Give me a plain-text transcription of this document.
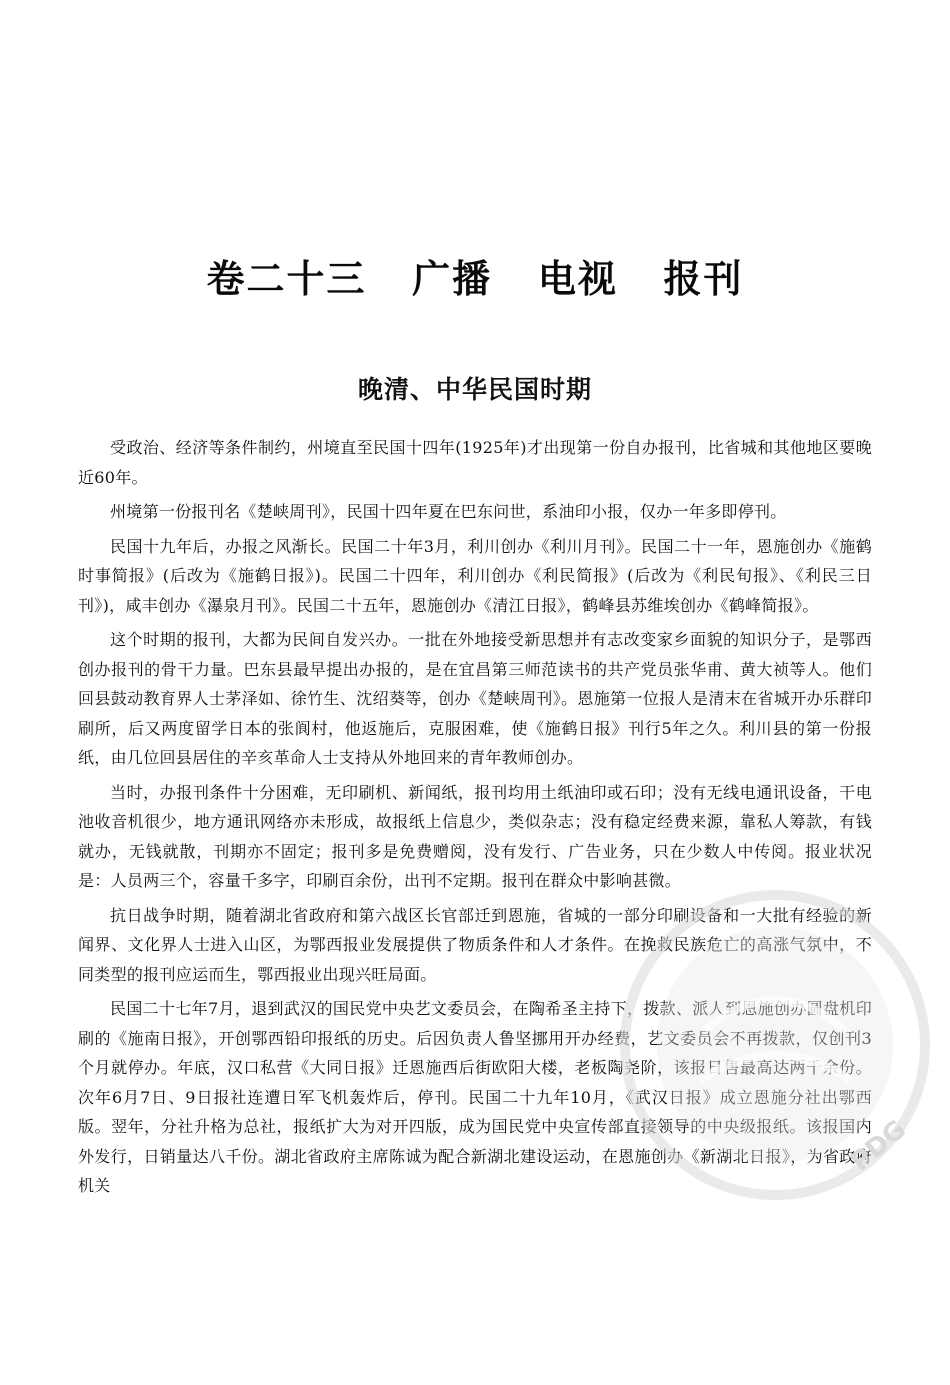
卷二十三   广播   电视   报刊
晚清、中华民国时期

受政治、经济等条件制约，州境直至民国十四年(1925年)才出现第一份自办报刊，比省城和其他地区要晚近60年。

州境第一份报刊名《楚峡周刊》，民国十四年夏在巴东问世，系油印小报，仅办一年多即停刊。

民国十九年后，办报之风渐长。民国二十年3月，利川创办《利川月刊》。民国二十一年，恩施创办《施鹤时事简报》(后改为《施鹤日报》)。民国二十四年，利川创办《利民简报》(后改为《利民旬报》、《利民三日刊》)，咸丰创办《瀑泉月刊》。民国二十五年，恩施创办《清江日报》，鹤峰县苏维埃创办《鹤峰简报》。

这个时期的报刊，大都为民间自发兴办。一批在外地接受新思想并有志改变家乡面貌的知识分子，是鄂西创办报刊的骨干力量。巴东县最早提出办报的，是在宜昌第三师范读书的共产党员张华甫、黄大祯等人。他们回县鼓动教育界人士茅泽如、徐竹生、沈绍葵等，创办《楚峡周刊》。恩施第一位报人是清末在省城开办乐群印刷所，后又两度留学日本的张阆村，他返施后，克服困难，使《施鹤日报》刊行5年之久。利川县的第一份报纸，由几位回县居住的辛亥革命人士支持从外地回来的青年教师创办。

当时，办报刊条件十分困难，无印刷机、新闻纸，报刊均用土纸油印或石印；没有无线电通讯设备，干电池收音机很少，地方通讯网络亦未形成，故报纸上信息少，类似杂志；没有稳定经费来源，靠私人筹款，有钱就办，无钱就散，刊期亦不固定；报刊多是免费赠阅，没有发行、广告业务，只在少数人中传阅。报业状况是：人员两三个，容量千多字，印刷百余份，出刊不定期。报刊在群众中影响甚微。

抗日战争时期，随着湖北省政府和第六战区长官部迁到恩施，省城的一部分印刷设备和一大批有经验的新闻界、文化界人士进入山区，为鄂西报业发展提供了物质条件和人才条件。在挽救民族危亡的高涨气氛中，不同类型的报刊应运而生，鄂西报业出现兴旺局面。

民国二十七年7月，退到武汉的国民党中央艺文委员会，在陶希圣主持下，拨款、派人到恩施创办圆盘机印刷的《施南日报》，开创鄂西铅印报纸的历史。后因负责人鲁坚挪用开办经费，艺文委员会不再拨款，仅创刊3个月就停办。年底，汉口私营《大同日报》迁恩施西后街欧阳大楼，老板陶尧阶，该报日售最高达两千余份。次年6月7日、9日报社连遭日军飞机轰炸后，停刊。民国二十九年10月，《武汉日报》成立恩施分社出鄂西版。翌年，分社升格为总社，报纸扩大为对开四版，成为国民党中央宣传部直接领导的中央级报纸。该报国内外发行，日销量达八千份。湖北省政府主席陈诚为配合新湖北建设运动，在恩施创办《新湖北日报》，为省政府机关

PDG
